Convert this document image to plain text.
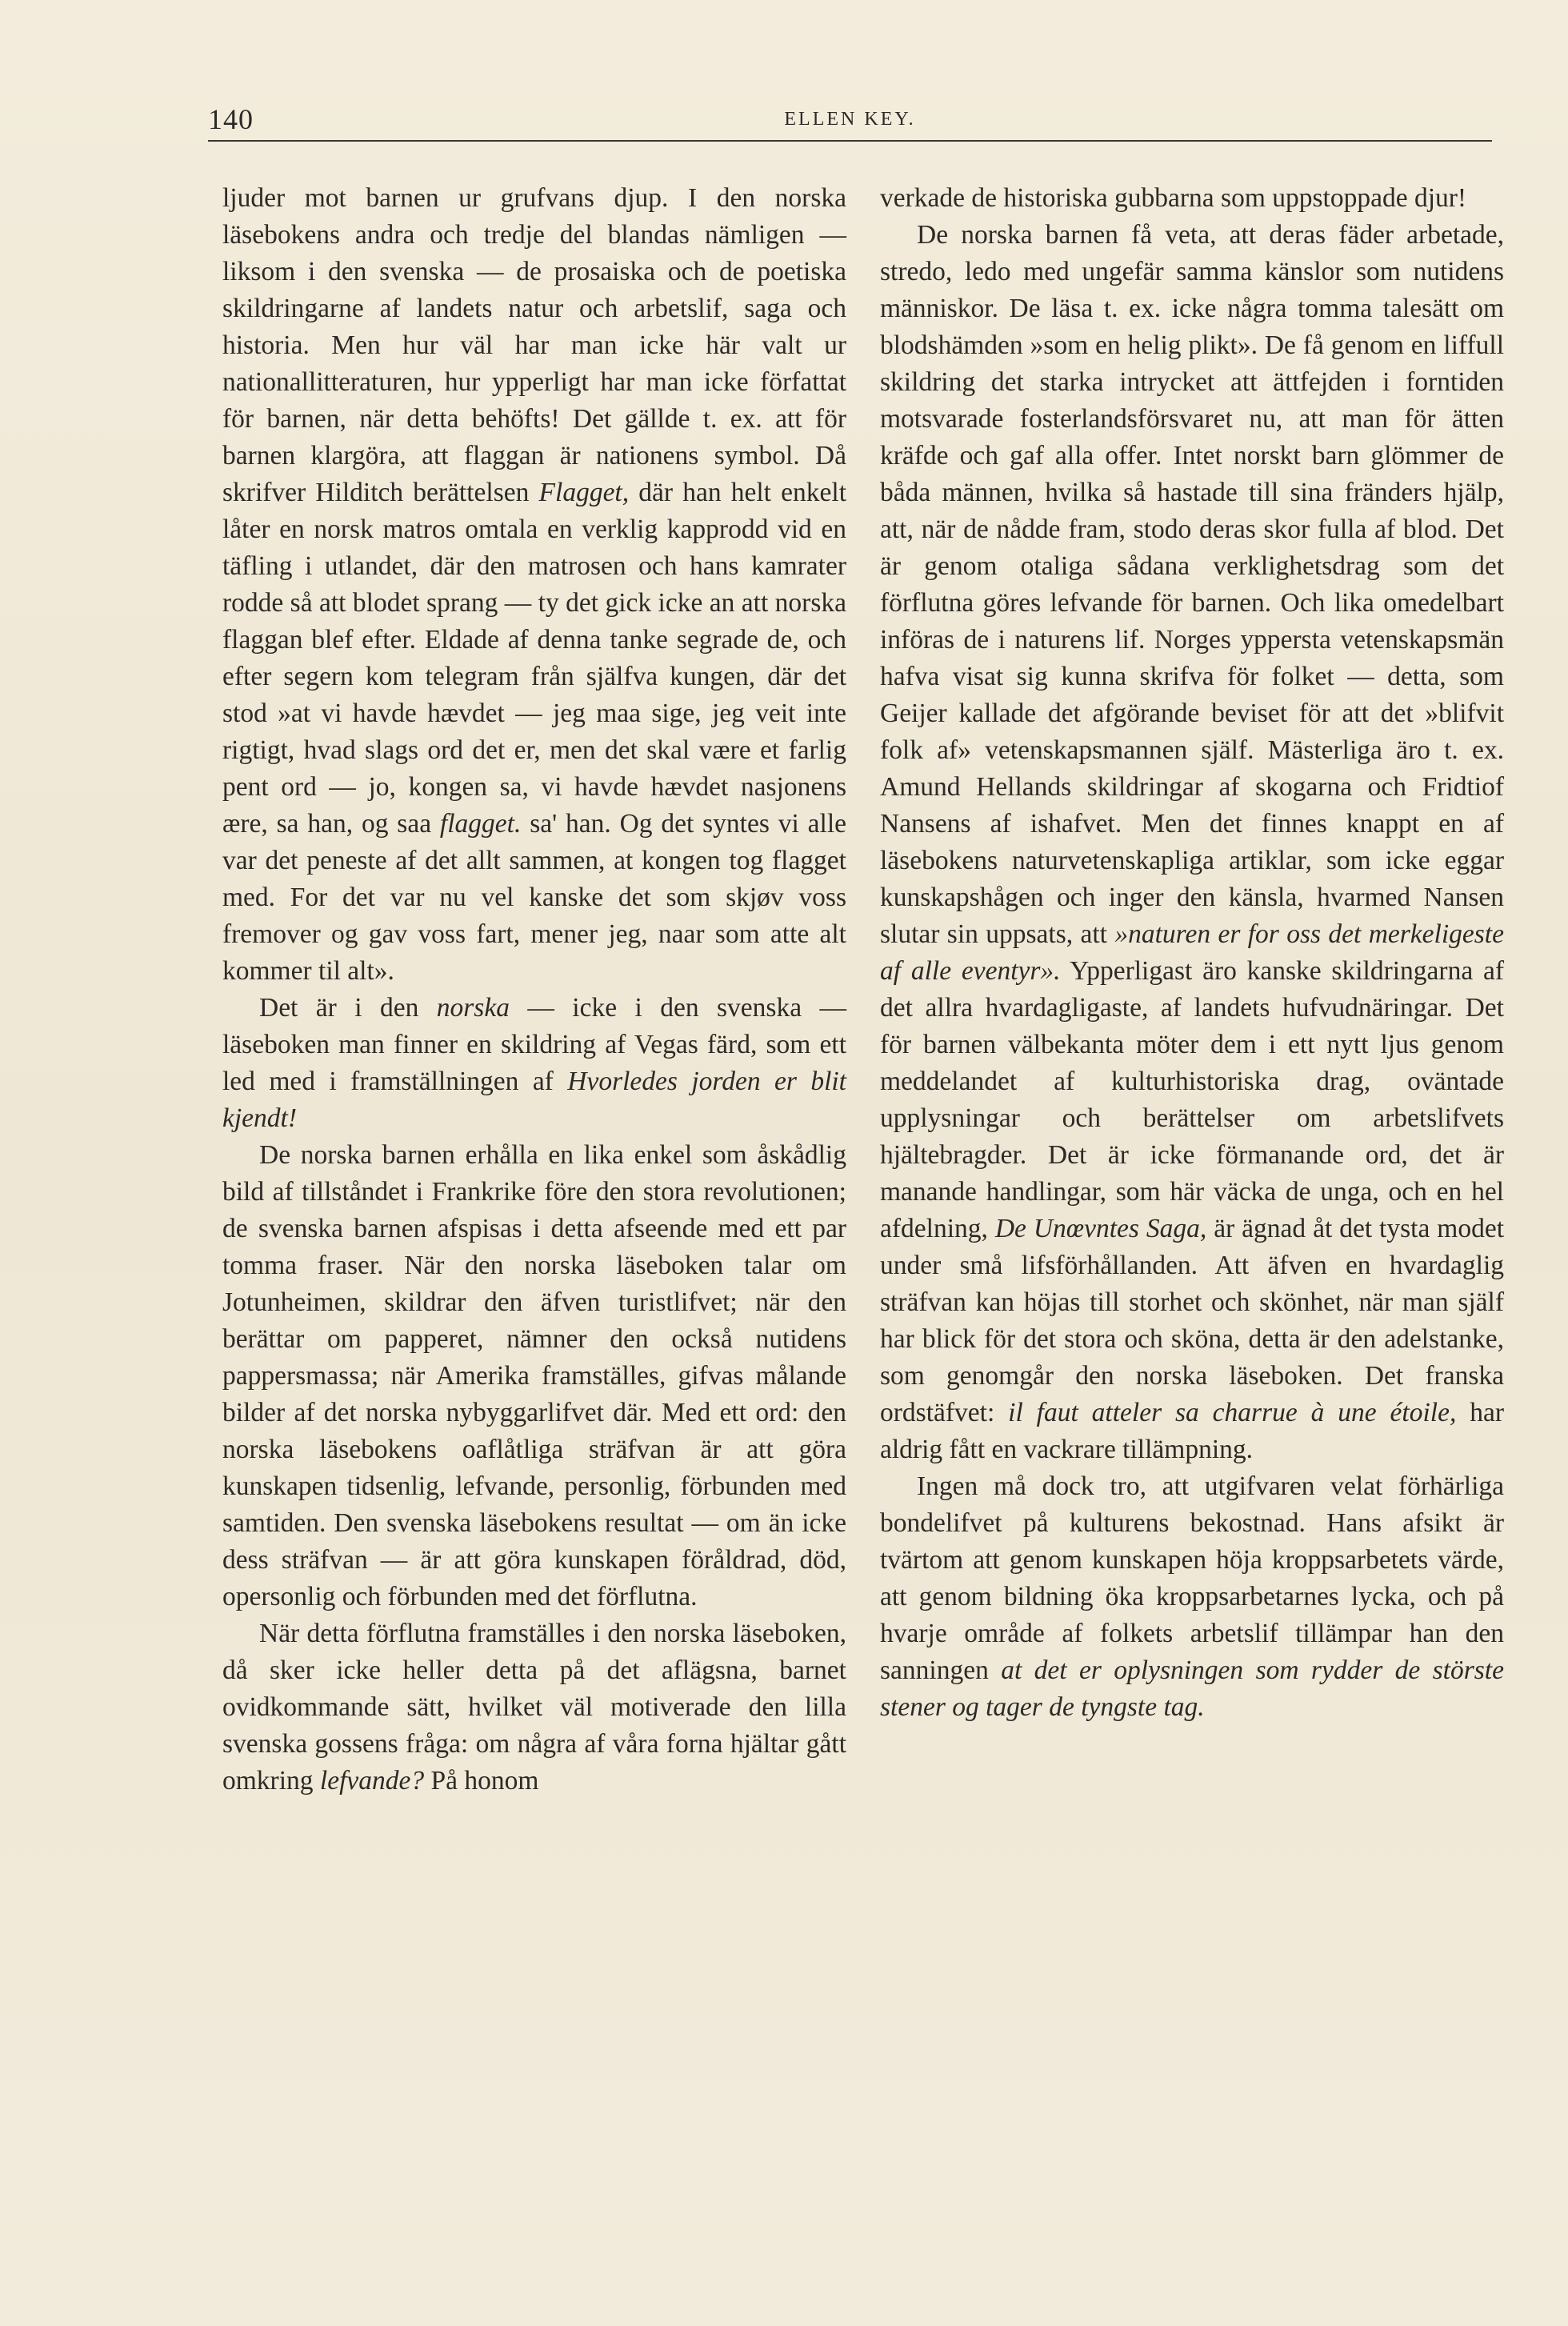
140	ELLEN KEY.

ljuder mot barnen ur grufvans djup. I den norska läsebokens andra och tredje del blandas nämligen — liksom i den svenska — de prosaiska och de poetiska skildringarne af landets natur och arbetslif, saga och historia. Men hur väl har man icke här valt ur nationallitteraturen, hur ypperligt har man icke författat för barnen, när detta behöfts! Det gällde t. ex. att för barnen klargöra, att flaggan är nationens symbol. Då skrifver Hilditch berättelsen Flagget, där han helt enkelt låter en norsk matros omtala en verklig kapprodd vid en täfling i utlandet, där den matrosen och hans kamrater rodde så att blodet sprang — ty det gick icke an att norska flaggan blef efter. Eldade af denna tanke segrade de, och efter segern kom telegram från själfva kungen, där det stod »at vi havde hævdet — jeg maa sige, jeg veit inte rigtigt, hvad slags ord det er, men det skal være et farlig pent ord — jo, kongen sa, vi havde hævdet nasjonens ære, sa han, og saa flagget. sa' han. Og det syntes vi alle var det peneste af det allt sammen, at kongen tog flagget med. For det var nu vel kanske det som skjøv voss fremover og gav voss fart, mener jeg, naar som atte alt kommer til alt».

Det är i den norska — icke i den svenska — läseboken man finner en skildring af Vegas färd, som ett led med i framställningen af Hvorledes jorden er blit kjendt!

De norska barnen erhålla en lika enkel som åskådlig bild af tillståndet i Frankrike före den stora revolutionen; de svenska barnen afspisas i detta afseende med ett par tomma fraser. När den norska läseboken talar om Jotunheimen, skildrar den äfven turistlifvet; när den berättar om papperet, nämner den också nutidens pappersmassa; när Amerika framställes, gifvas målande bilder af det norska nybyggarlifvet där. Med ett ord: den norska läsebokens oaflåtliga sträfvan är att göra kunskapen tidsenlig, lefvande, personlig, förbunden med samtiden. Den svenska läsebokens resultat — om än icke dess sträfvan — är att göra kunskapen föråldrad, död, opersonlig och förbunden med det förflutna.

När detta förflutna framställes i den norska läseboken, då sker icke heller detta på det aflägsna, barnet ovidkommande sätt, hvilket väl motiverade den lilla svenska gossens fråga: om några af våra forna hjältar gått omkring lefvande? På honom

verkade de historiska gubbarna som uppstoppade djur!

De norska barnen få veta, att deras fäder arbetade, stredo, ledo med ungefär samma känslor som nutidens människor. De läsa t. ex. icke några tomma talesätt om blodshämden »som en helig plikt». De få genom en liffull skildring det starka intrycket att ättfejden i forntiden motsvarade fosterlandsförsvaret nu, att man för ätten kräfde och gaf alla offer. Intet norskt barn glömmer de båda männen, hvilka så hastade till sina fränders hjälp, att, när de nådde fram, stodo deras skor fulla af blod. Det är genom otaliga sådana verklighetsdrag som det förflutna göres lefvande för barnen. Och lika omedelbart införas de i naturens lif. Norges yppersta vetenskapsmän hafva visat sig kunna skrifva för folket — detta, som Geijer kallade det afgörande beviset för att det »blifvit folk af» vetenskapsmannen själf. Mästerliga äro t. ex. Amund Hellands skildringar af skogarna och Fridtiof Nansens af ishafvet. Men det finnes knappt en af läsebokens naturvetenskapliga artiklar, som icke eggar kunskapshågen och inger den känsla, hvarmed Nansen slutar sin uppsats, att »naturen er for oss det merkeligeste af alle eventyr». Ypperligast äro kanske skildringarna af det allra hvardagligaste, af landets hufvudnäringar. Det för barnen välbekanta möter dem i ett nytt ljus genom meddelandet af kulturhistoriska drag, oväntade upplysningar och berättelser om arbetslifvets hjältebragder. Det är icke förmanande ord, det är manande handlingar, som här väcka de unga, och en hel afdelning, De Unœvntes Saga, är ägnad åt det tysta modet under små lifsförhållanden. Att äfven en hvardaglig sträfvan kan höjas till storhet och skönhet, när man själf har blick för det stora och sköna, detta är den adelstanke, som genomgår den norska läseboken. Det franska ordstäfvet: il faut atteler sa charrue à une étoile, har aldrig fått en vackrare tillämpning.

Ingen må dock tro, att utgifvaren velat förhärliga bondelifvet på kulturens bekostnad. Hans afsikt är tvärtom att genom kunskapen höja kroppsarbetets värde, att genom bildning öka kroppsarbetarnes lycka, och på hvarje område af folkets arbetslif tillämpar han den sanningen at det er oplysningen som rydder de störste stener og tager de tyngste tag.
